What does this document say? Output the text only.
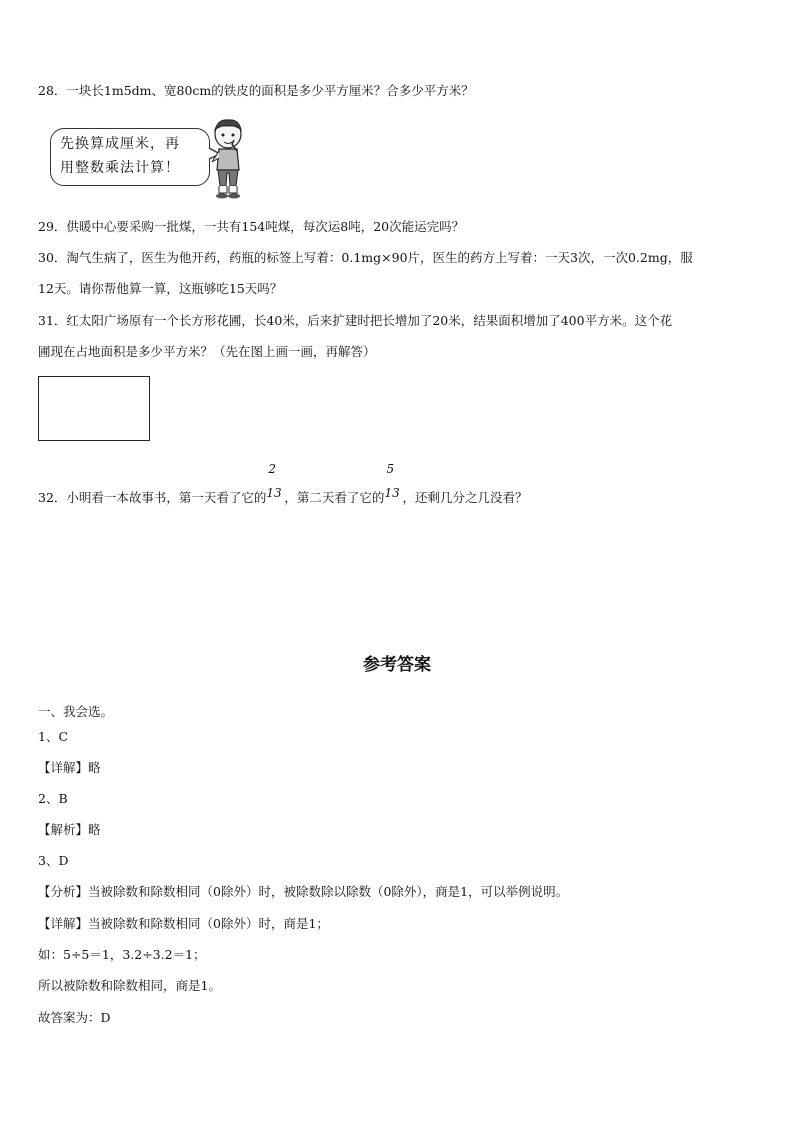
28．一块长1m5dm、宽80cm的铁皮的面积是多少平方厘米？合多少平方米？
先换算成厘米，再
用整数乘法计算！
29．供暖中心要采购一批煤，一共有154吨煤，每次运8吨，20次能运完吗？
30．淘气生病了，医生为他开药，药瓶的标签上写着：0.1mg×90片，医生的药方上写着：一天3次，一次0.2mg，服
12天。请你帮他算一算，这瓶够吃15天吗？
31．红太阳广场原有一个长方形花圃，长40米，后来扩建时把长增加了20米，结果面积增加了400平方米。这个花
圃现在占地面积是多少平方米？（先在图上画一画，再解答）
32．小明看一本故事书，第一天看了它的
2
13 ，第二天看了它的
5
13 ，还剩几分之几没看？
参考答案
一、我会选。
1、C
【详解】略
2、B
【解析】略
3、D
【分析】当被除数和除数相同（0除外）时，被除数除以除数（0除外），商是1，可以举例说明。
【详解】当被除数和除数相同（0除外）时，商是1；
如：5÷5＝1，3.2÷3.2＝1；
所以被除数和除数相同，商是1。
故答案为：D
